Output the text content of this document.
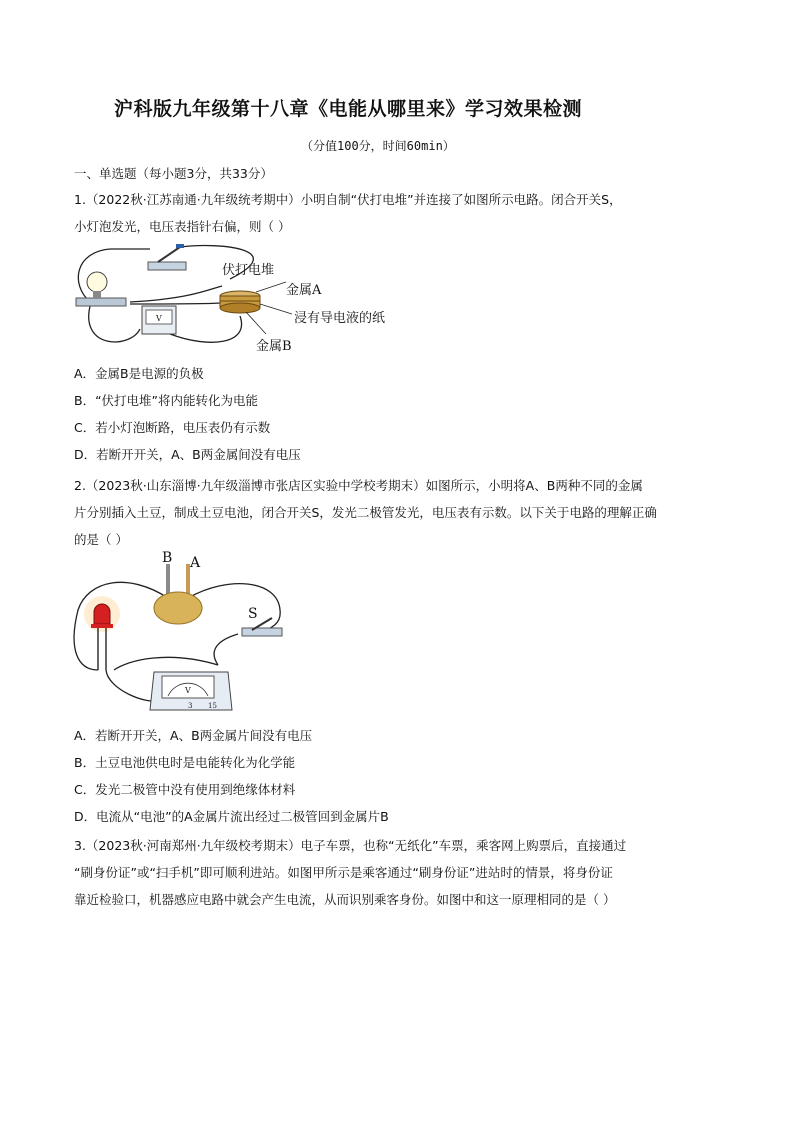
沪科版九年级第十八章《电能从哪里来》学习效果检测
（分值100分，时间60min）
一、单选题（每小题3分，共33分）
1.（2022秋·江苏南通·九年级统考期中）小明自制“伏打电堆”并连接了如图所示电路。闭合开关S，
小灯泡发光，电压表指针右偏，则（ ）
V
伏打电堆
金属A
浸有导电液的纸
金属B
A．金属B是电源的负极
B．“伏打电堆”将内能转化为电能
C．若小灯泡断路，电压表仍有示数
D．若断开开关，A、B两金属间没有电压
2.（2023秋·山东淄博·九年级淄博市张店区实验中学校考期末）如图所示，小明将A、B两种不同的金属
片分别插入土豆，制成土豆电池，闭合开关S，发光二极管发光，电压表有示数。以下关于电路的理解正确
的是（ ）
B A
S
V
3 15
A．若断开开关，A、B两金属片间没有电压
B．土豆电池供电时是电能转化为化学能
C．发光二极管中没有使用到绝缘体材料
D．电流从“电池”的A金属片流出经过二极管回到金属片B
3.（2023秋·河南郑州·九年级校考期末）电子车票，也称“无纸化”车票，乘客网上购票后，直接通过
“刷身份证”或“扫手机”即可顺利进站。如图甲所示是乘客通过“刷身份证”进站时的情景，将身份证
靠近检验口，机器感应电路中就会产生电流，从而识别乘客身份。如图中和这一原理相同的是（ ）
